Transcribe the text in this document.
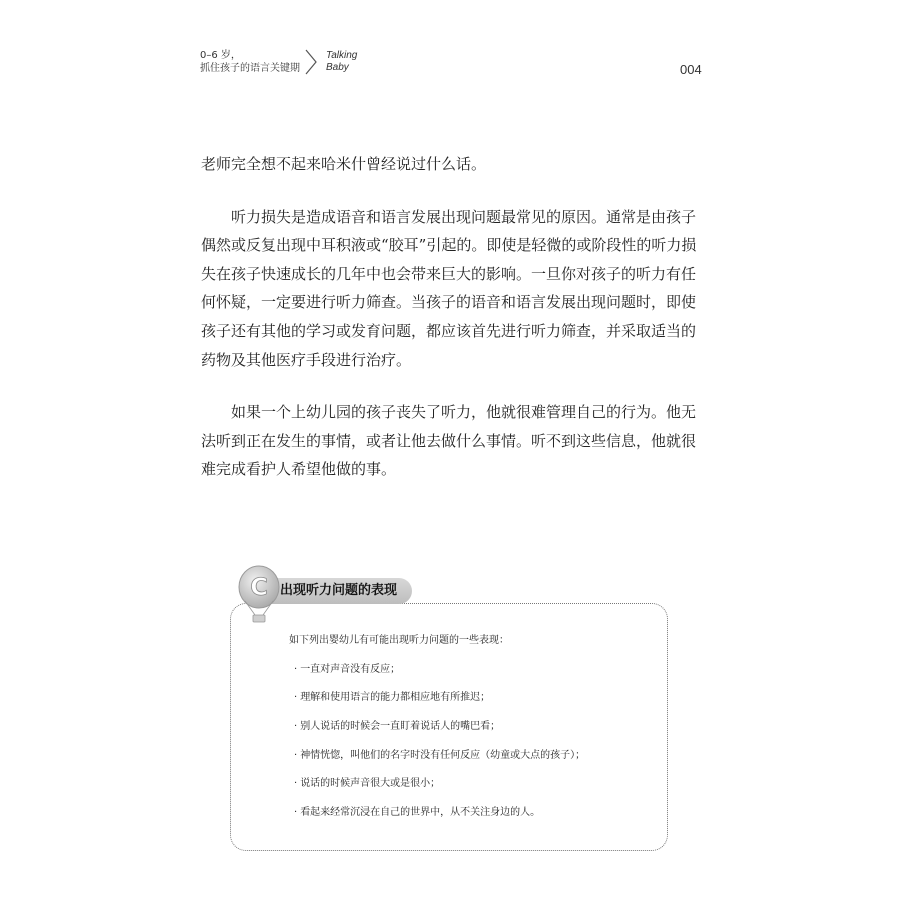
0–6 岁，
抓住孩子的语言关键期
Talking
Baby	004

老师完全想不起来哈米什曾经说过什么话。

听力损失是造成语音和语言发展出现问题最常见的原因。通常是由孩子偶然或反复出现中耳积液或“胶耳”引起的。即使是轻微的或阶段性的听力损失在孩子快速成长的几年中也会带来巨大的影响。一旦你对孩子的听力有任何怀疑，一定要进行听力筛查。当孩子的语音和语言发展出现问题时，即使孩子还有其他的学习或发育问题，都应该首先进行听力筛查，并采取适当的药物及其他医疗手段进行治疗。

如果一个上幼儿园的孩子丧失了听力，他就很难管理自己的行为。他无法听到正在发生的事情，或者让他去做什么事情。听不到这些信息，他就很难完成看护人希望他做的事。

C 出现听力问题的表现
如下列出婴幼儿有可能出现听力问题的一些表现：
· 一直对声音没有反应；
· 理解和使用语言的能力都相应地有所推迟；
· 别人说话的时候会一直盯着说话人的嘴巴看；
· 神情恍惚，叫他们的名字时没有任何反应（幼童或大点的孩子）；
· 说话的时候声音很大或是很小；
· 看起来经常沉浸在自己的世界中，从不关注身边的人。
